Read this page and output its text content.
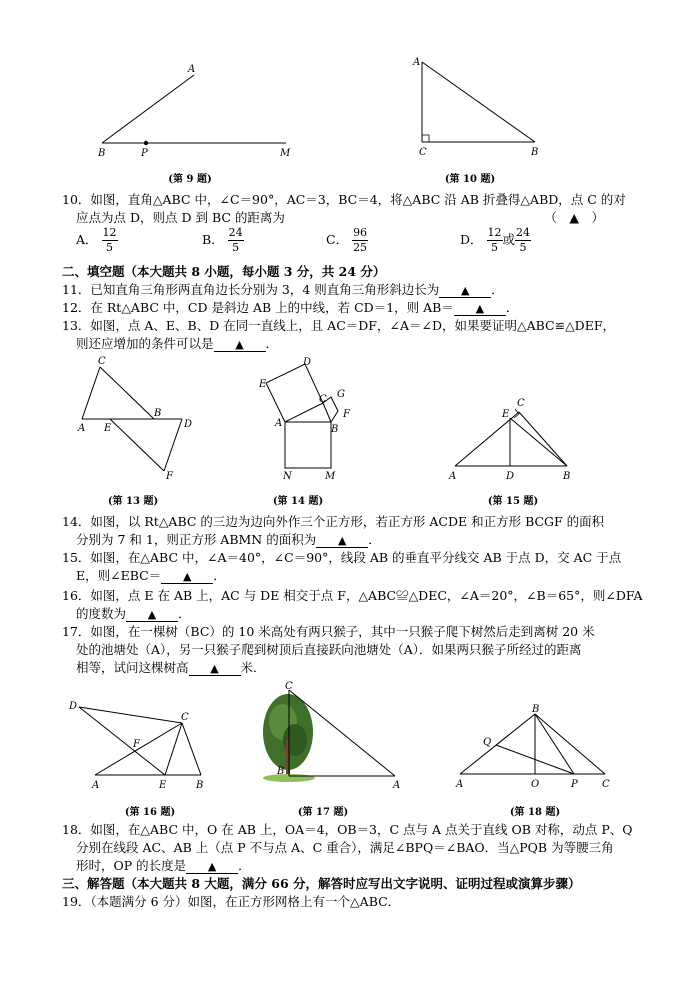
A
B	P	M
(第 9 题)
A
C	B
(第 10 题)
10．如图，直角△ABC 中，∠C＝90°，AC＝3，BC＝4，将△ABC 沿 AB 折叠得△ABD，点 C 的对
应点为点 D，则点 D 到 BC 的距离为	（　▲　）
A． $\frac{12}{5}$	B． $\frac{24}{5}$	C． $\frac{96}{25}$	D． $\frac{12}{5}$ 或 $\frac{24}{5}$
二、填空题（本大题共 8 小题，每小题 3 分，共 24 分）
11．已知直角三角形两直角边长分别为 3，4 则直角三角形斜边长为 ▲ ．
12．在 Rt△ABC 中，CD 是斜边 AB 上的中线，若 CD＝1，则 AB＝ ▲ ．
13．如图，点 A、E、B、D 在同一直线上，且 AC＝DF，∠A＝∠D，如果要证明△ABC≌△DEF，
则还应增加的条件可以是 ▲ ．
C
B
A E	D
F
(第 13 题)
D
E
G
C
F
A
B
N	M
(第 14 题)
E
C
A	D	B
(第 15 题)
14．如图，以 Rt△ABC 的三边为边向外作三个正方形，若正方形 ACDE 和正方形 BCGF 的面积
分别为 7 和 1，则正方形 ABMN 的面积为 ▲ ．
15．如图，在△ABC 中，∠A＝40°，∠C＝90°，线段 AB 的垂直平分线交 AB 于点 D，交 AC 于点
E，则∠EBC＝ ▲ ．
16．如图，点 E 在 AB 上，AC 与 DE 相交于点 F，△ABC≌△DEC，∠A＝20°，∠B＝65°，则∠DFA
的度数为 ▲ ．
17．如图，在一棵树（BC）的 10 米高处有两只猴子，其中一只猴子爬下树然后走到离树 20 米
处的池塘处（A），另一只猴子爬到树顶后直接跃向池塘处（A）．如果两只猴子所经过的距离
相等，试问这棵树高 ▲ 米．
D
C
F
A	E	B
(第 16 题)
C
B
A
(第 17 题)
B
Q
A	O	P C
(第 18 题)
18．如图，在△ABC 中，O 在 AB 上，OA＝4，OB＝3，C 点与 A 点关于直线 OB 对称，动点 P、Q
分别在线段 AC、AB 上（点 P 不与点 A、C 重合），满足∠BPQ＝∠BAO．当△PQB 为等腰三角
形时，OP 的长度是 ▲ ．
三、解答题（本大题共 8 大题，满分 66 分，解答时应写出文字说明、证明过程或演算步骤）
19．（本题满分 6 分）如图，在正方形网格上有一个△ABC．
